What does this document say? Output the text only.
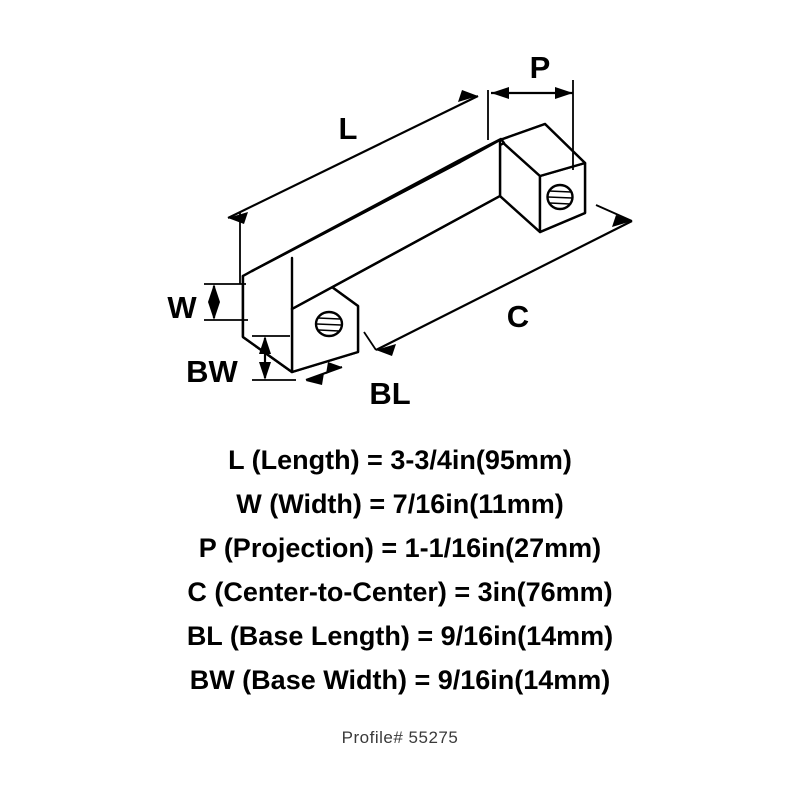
L
P
C
W
BW
BL
L (Length) = 3-3/4in(95mm)
W (Width) = 7/16in(11mm)
P (Projection) = 1-1/16in(27mm)
C (Center-to-Center) = 3in(76mm)
BL (Base Length) = 9/16in(14mm)
BW (Base Width) = 9/16in(14mm)
Profile# 55275
